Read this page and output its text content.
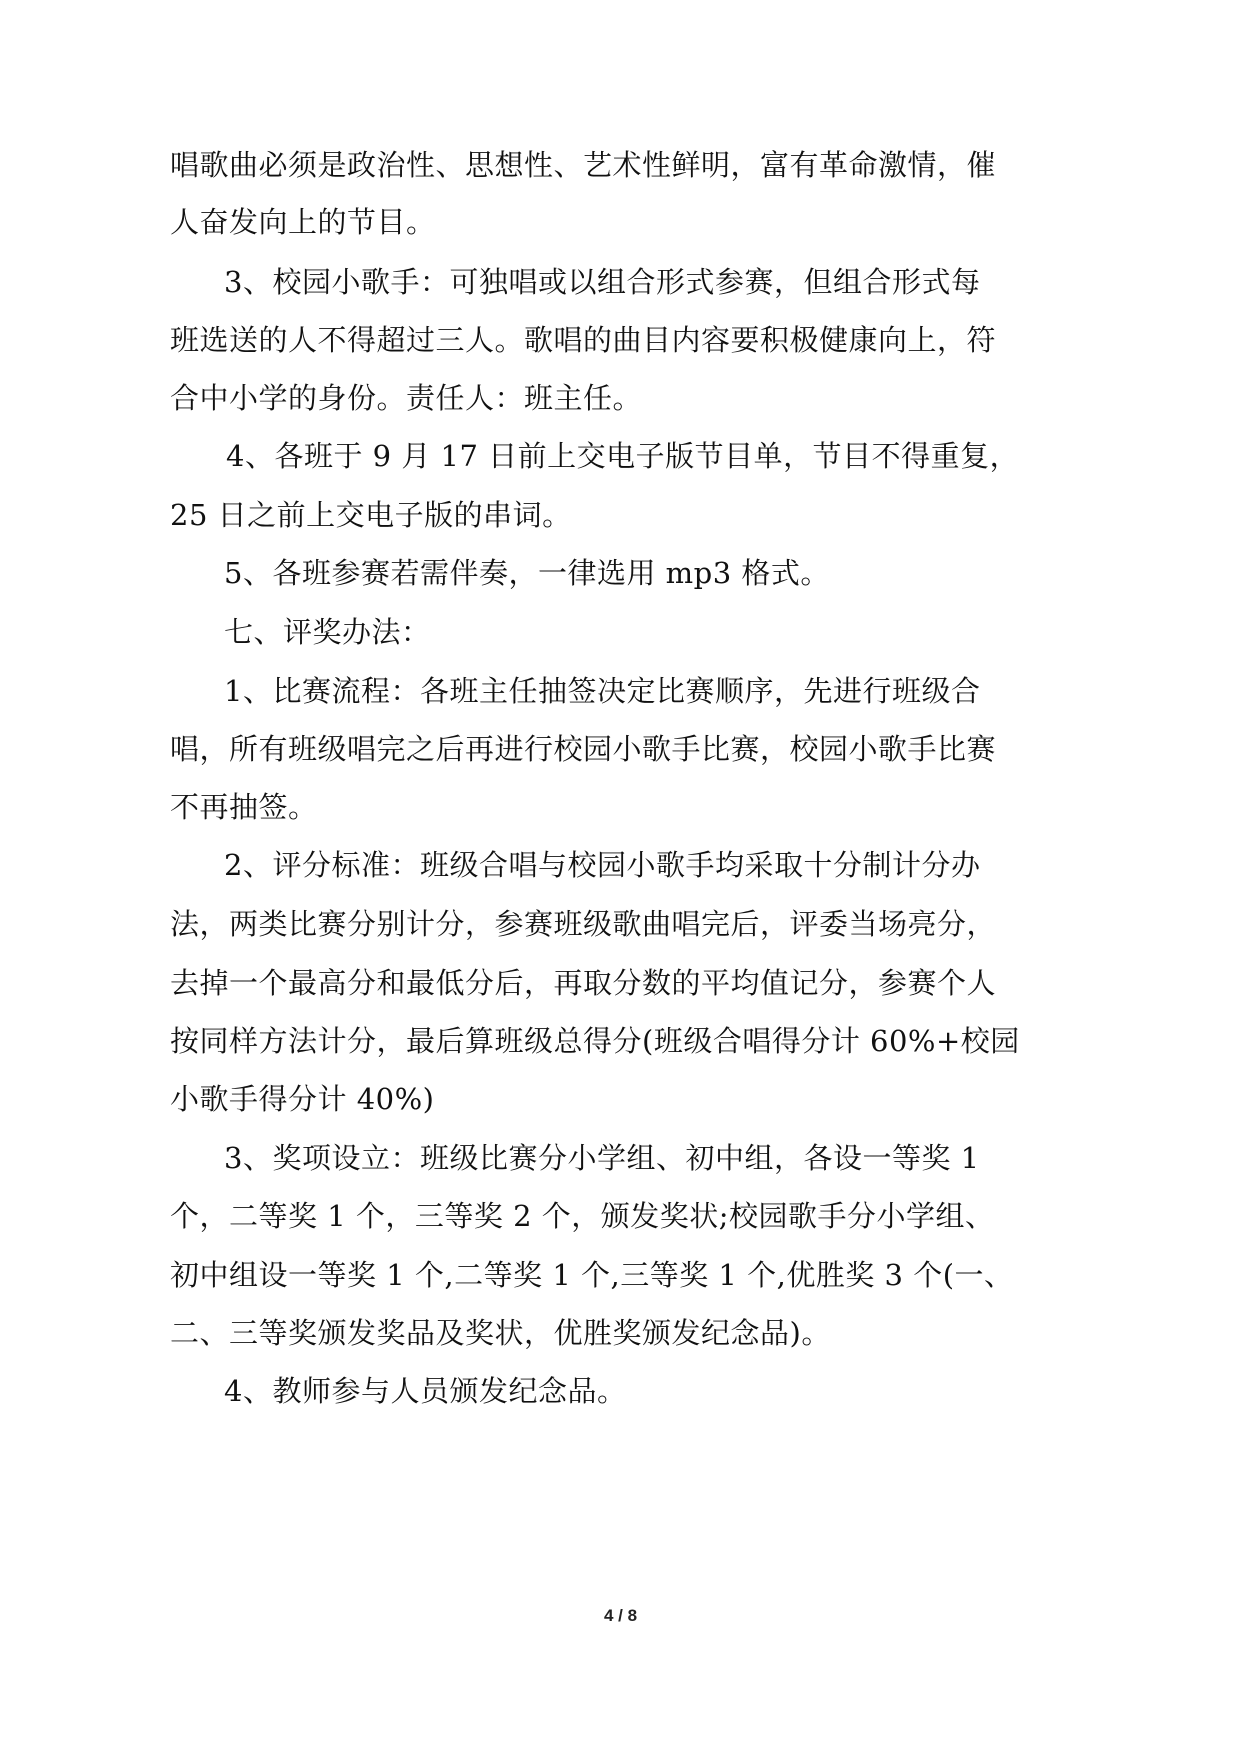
唱歌曲必须是政治性、思想性、艺术性鲜明，富有革命激情，催
人奋发向上的节目。
3、校园小歌手：可独唱或以组合形式参赛，但组合形式每
班选送的人不得超过三人。歌唱的曲目内容要积极健康向上，符
合中小学的身份。责任人：班主任。
4、各班于 9 月 17 日前上交电子版节目单，节目不得重复，
25 日之前上交电子版的串词。
5、各班参赛若需伴奏，一律选用 mp3 格式。
七、评奖办法：
1、比赛流程：各班主任抽签决定比赛顺序，先进行班级合
唱，所有班级唱完之后再进行校园小歌手比赛，校园小歌手比赛
不再抽签。
2、评分标准：班级合唱与校园小歌手均采取十分制计分办
法，两类比赛分别计分，参赛班级歌曲唱完后，评委当场亮分，
去掉一个最高分和最低分后，再取分数的平均值记分，参赛个人
按同样方法计分，最后算班级总得分(班级合唱得分计 60%+校园
小歌手得分计 40%)
3、奖项设立：班级比赛分小学组、初中组，各设一等奖 1
个，二等奖 1 个，三等奖 2 个，颁发奖状;校园歌手分小学组、
初中组设一等奖 1 个,二等奖 1 个,三等奖 1 个,优胜奖 3 个(一、
二、三等奖颁发奖品及奖状，优胜奖颁发纪念品)。
4、教师参与人员颁发纪念品。
4 / 8
